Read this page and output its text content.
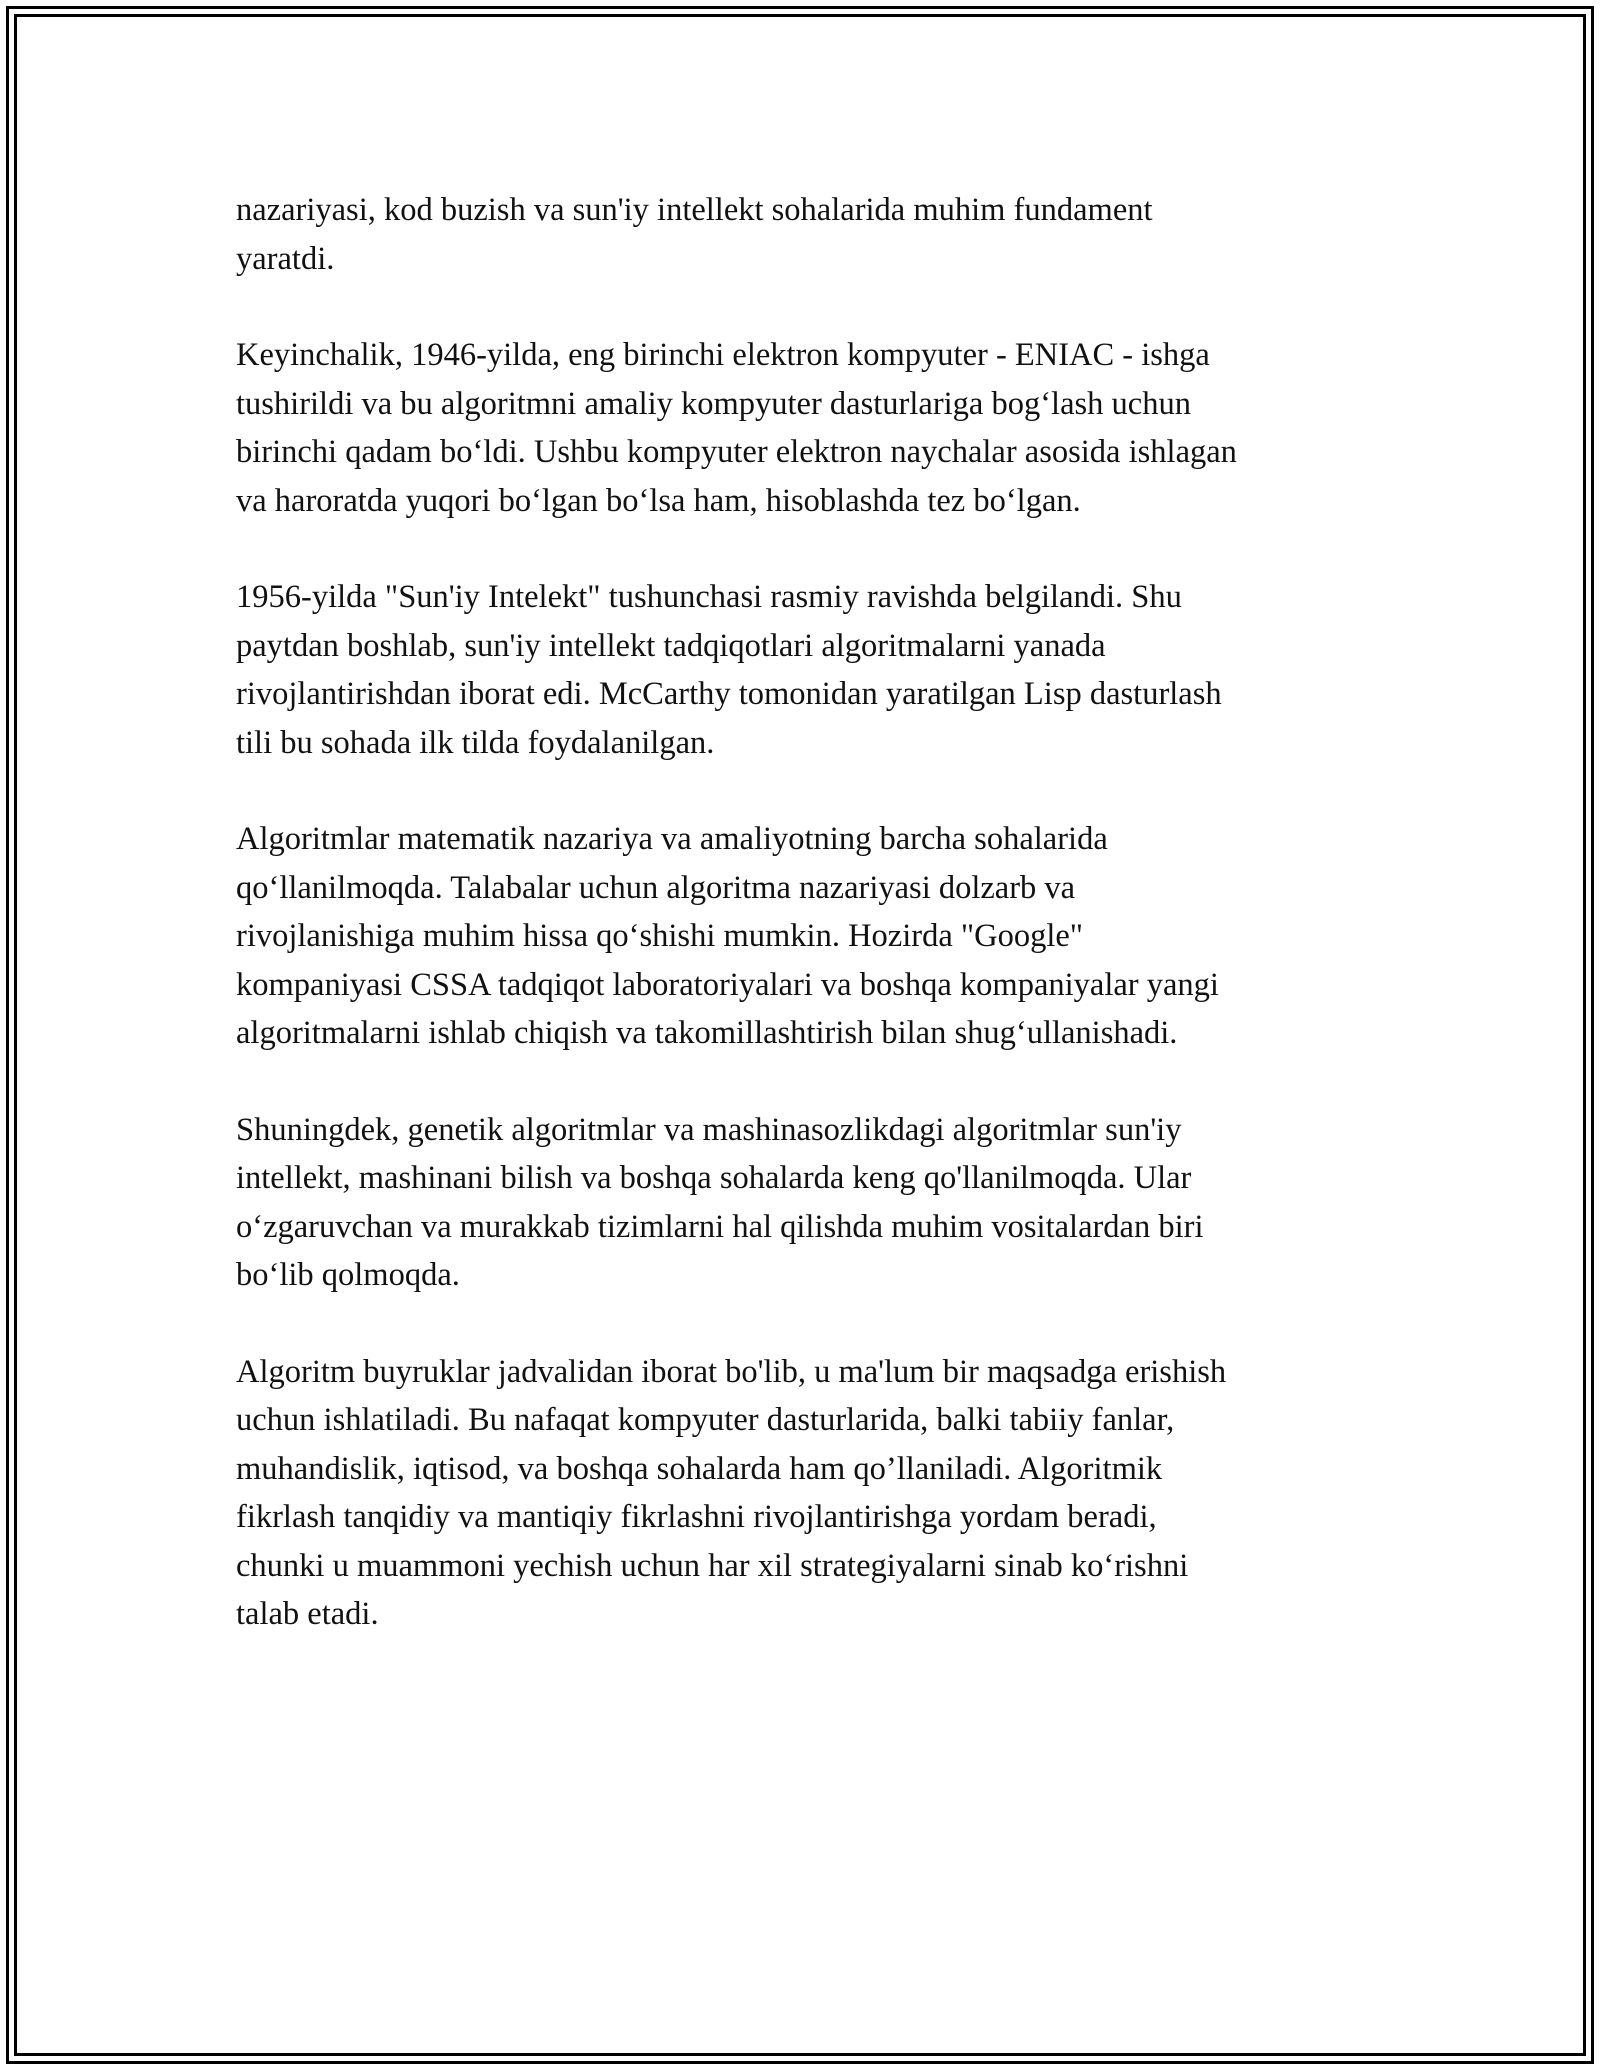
nazariyasi, kod buzish va sun'iy intellekt sohalarida muhim fundament
yaratdi.

Keyinchalik, 1946-yilda, eng birinchi elektron kompyuter - ENIAC - ishga
tushirildi va bu algoritmni amaliy kompyuter dasturlariga bog‘lash uchun
birinchi qadam bo‘ldi. Ushbu kompyuter elektron naychalar asosida ishlagan
va haroratda yuqori bo‘lgan bo‘lsa ham, hisoblashda tez bo‘lgan.

1956-yilda "Sun'iy Intelekt" tushunchasi rasmiy ravishda belgilandi. Shu
paytdan boshlab, sun'iy intellekt tadqiqotlari algoritmalarni yanada
rivojlantirishdan iborat edi. McCarthy tomonidan yaratilgan Lisp dasturlash
tili bu sohada ilk tilda foydalanilgan.

Algoritmlar matematik nazariya va amaliyotning barcha sohalarida
qo‘llanilmoqda. Talabalar uchun algoritma nazariyasi dolzarb va
rivojlanishiga muhim hissa qo‘shishi mumkin. Hozirda "Google"
kompaniyasi CSSA tadqiqot laboratoriyalari va boshqa kompaniyalar yangi
algoritmalarni ishlab chiqish va takomillashtirish bilan shug‘ullanishadi.

Shuningdek, genetik algoritmlar va mashinasozlikdagi algoritmlar sun'iy
intellekt, mashinani bilish va boshqa sohalarda keng qo'llanilmoqda. Ular
o‘zgaruvchan va murakkab tizimlarni hal qilishda muhim vositalardan biri
bo‘lib qolmoqda.

Algoritm buyruklar jadvalidan iborat bo'lib, u ma'lum bir maqsadga erishish
uchun ishlatiladi. Bu nafaqat kompyuter dasturlarida, balki tabiiy fanlar,
muhandislik, iqtisod, va boshqa sohalarda ham qo’llaniladi. Algoritmik
fikrlash tanqidiy va mantiqiy fikrlashni rivojlantirishga yordam beradi,
chunki u muammoni yechish uchun har xil strategiyalarni sinab ko‘rishni
talab etadi.
